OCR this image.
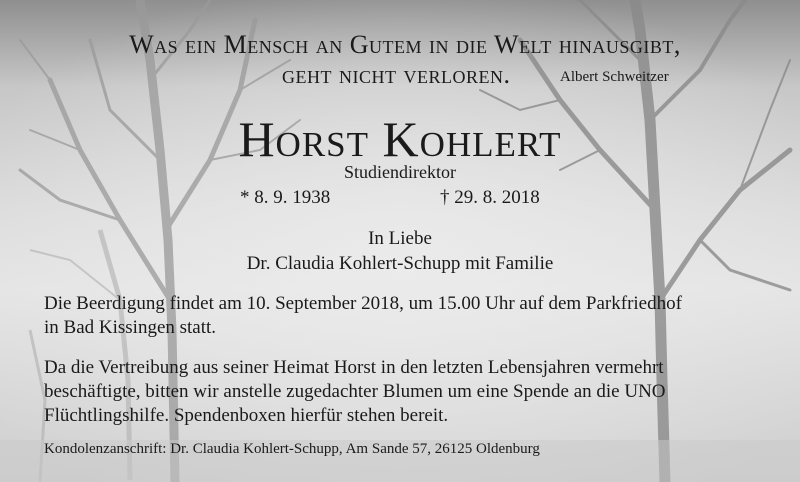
Was ein Mensch an Gutem in die Welt hinausgibt,

geht nicht verloren.	Albert Schweitzer

Horst Kohlert

Studiendirektor

* 8. 9. 1938	† 29. 8. 2018

In Liebe

Dr. Claudia Kohlert-Schupp mit Familie

Die Beerdigung findet am 10. September 2018, um 15.00 Uhr auf dem Parkfriedhof

in Bad Kissingen statt.

Da die Vertreibung aus seiner Heimat Horst in den letzten Lebensjahren vermehrt

beschäftigte, bitten wir anstelle zugedachter Blumen um eine Spende an die UNO

Flüchtlingshilfe. Spendenboxen hierfür stehen bereit.

Kondolenzanschrift: Dr. Claudia Kohlert-Schupp, Am Sande 57, 26125 Oldenburg
